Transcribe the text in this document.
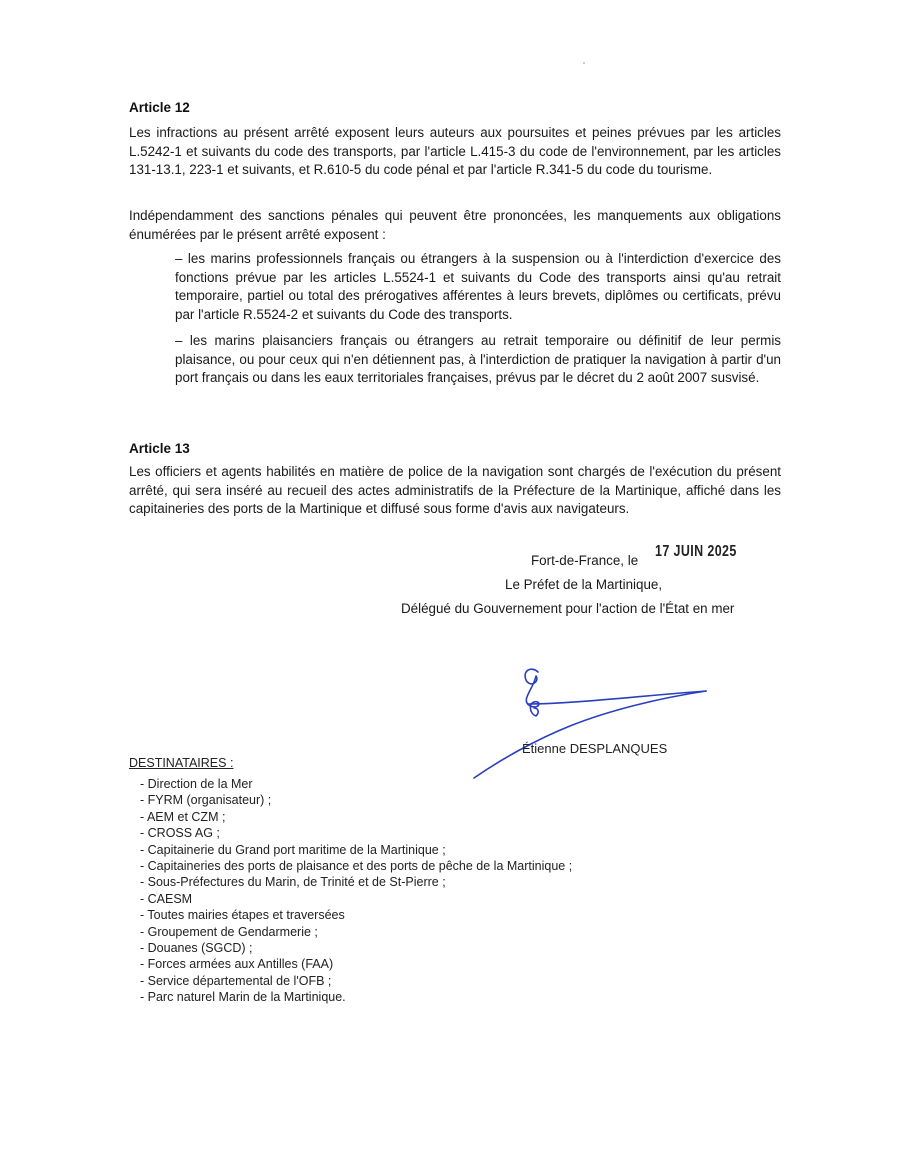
Article 12
Les infractions au présent arrêté exposent leurs auteurs aux poursuites et peines prévues par les articles L.5242-1 et suivants du code des transports, par l'article L.415-3 du code de l'environnement, par les articles 131-13.1, 223-1 et suivants, et R.610-5 du code pénal et par l'article R.341-5 du code du tourisme.
Indépendamment des sanctions pénales qui peuvent être prononcées, les manquements aux obligations énumérées par le présent arrêté exposent :
– les marins professionnels français ou étrangers à la suspension ou à l'interdiction d'exercice des fonctions prévue par les articles L.5524-1 et suivants du Code des transports ainsi qu'au retrait temporaire, partiel ou total des prérogatives afférentes à leurs brevets, diplômes ou certificats, prévu par l'article R.5524-2 et suivants du Code des transports.
– les marins plaisanciers français ou étrangers au retrait temporaire ou définitif de leur permis plaisance, ou pour ceux qui n'en détiennent pas, à l'interdiction de pratiquer la navigation à partir d'un port français ou dans les eaux territoriales françaises, prévus par le décret du 2 août 2007 susvisé.
Article 13
Les officiers et agents habilités en matière de police de la navigation sont chargés de l'exécution du présent arrêté, qui sera inséré au recueil des actes administratifs de la Préfecture de la Martinique, affiché dans les capitaineries des ports de la Martinique et diffusé sous forme d'avis aux navigateurs.
Fort-de-France, le
17 JUIN 2025
Le Préfet de la Martinique,
Délégué du Gouvernement pour l'action de l'État en mer
Étienne DESPLANQUES
DESTINATAIRES :
- Direction de la Mer
- FYRM (organisateur) ;
- AEM et CZM ;
- CROSS AG ;
- Capitainerie du Grand port maritime de la Martinique ;
- Capitaineries des ports de plaisance et des ports de pêche de la Martinique ;
- Sous-Préfectures du Marin, de Trinité et de St-Pierre ;
- CAESM
- Toutes mairies étapes et traversées
- Groupement de Gendarmerie ;
- Douanes (SGCD) ;
- Forces armées aux Antilles (FAA)
- Service départemental de l'OFB ;
- Parc naturel Marin de la Martinique.
